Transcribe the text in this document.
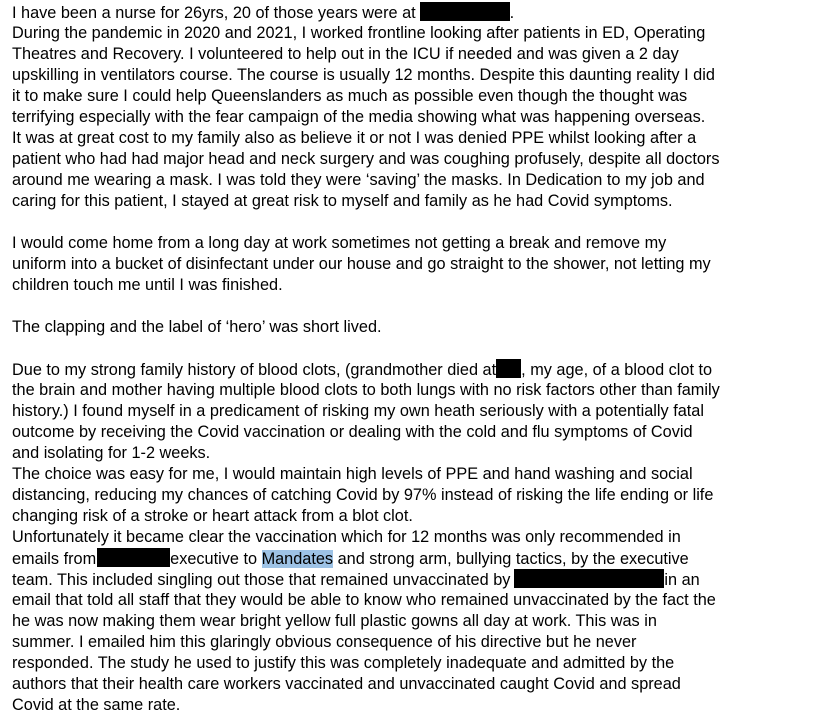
I have been a nurse for 26yrs, 20 of those years were at	.
During the pandemic in 2020 and 2021, I worked frontline looking after patients in ED, Operating
Theatres and Recovery. I volunteered to help out in the ICU if needed and was given a 2 day
upskilling in ventilators course. The course is usually 12 months. Despite this daunting reality I did
it to make sure I could help Queenslanders as much as possible even though the thought was
terrifying especially with the fear campaign of the media showing what was happening overseas.
It was at great cost to my family also as believe it or not I was denied PPE whilst looking after a
patient who had had major head and neck surgery and was coughing profusely, despite all doctors
around me wearing a mask. I was told they were ‘saving’ the masks. In Dedication to my job and
caring for this patient, I stayed at great risk to myself and family as he had Covid symptoms.
I would come home from a long day at work sometimes not getting a break and remove my
uniform into a bucket of disinfectant under our house and go straight to the shower, not letting my
children touch me until I was finished.
The clapping and the label of ‘hero’ was short lived.
Due to my strong family history of blood clots, (grandmother died at , my age, of a blood clot to
the brain and mother having multiple blood clots to both lungs with no risk factors other than family
history.) I found myself in a predicament of risking my own heath seriously with a potentially fatal
outcome by receiving the Covid vaccination or dealing with the cold and flu symptoms of Covid
and isolating for 1-2 weeks.
The choice was easy for me, I would maintain high levels of PPE and hand washing and social
distancing, reducing my chances of catching Covid by 97% instead of risking the life ending or life
changing risk of a stroke or heart attack from a blot clot.
Unfortunately it became clear the vaccination which for 12 months was only recommended in
emails from	executive to Mandates and strong arm, bullying tactics, by the executive
team. This included singling out those that remained unvaccinated by	in an
email that told all staff that they would be able to know who remained unvaccinated by the fact the
he was now making them wear bright yellow full plastic gowns all day at work. This was in
summer. I emailed him this glaringly obvious consequence of his directive but he never
responded. The study he used to justify this was completely inadequate and admitted by the
authors that their health care workers vaccinated and unvaccinated caught Covid and spread
Covid at the same rate.
